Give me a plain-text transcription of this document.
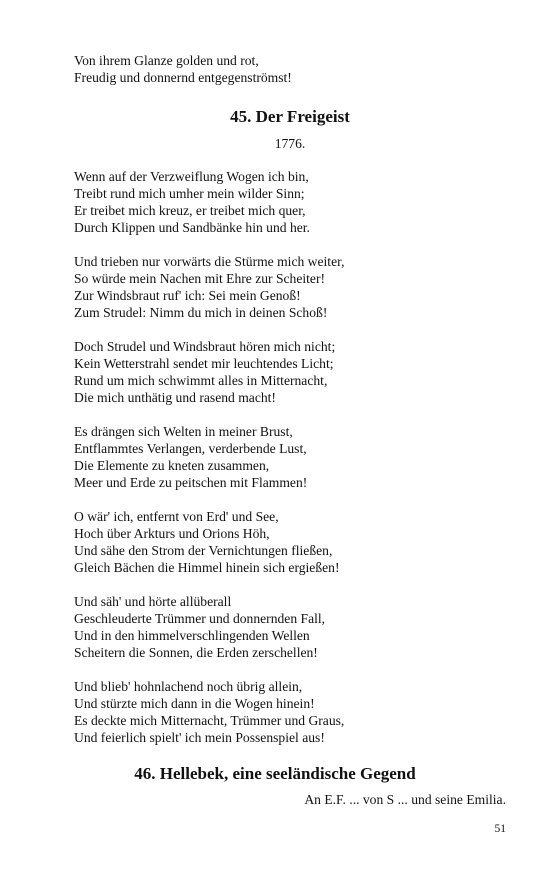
Von ihrem Glanze golden und rot,
Freudig und donnernd entgegenströmst!
45. Der Freigeist
1776.
Wenn auf der Verzweiflung Wogen ich bin,
Treibt rund mich umher mein wilder Sinn;
Er treibet mich kreuz, er treibet mich quer,
Durch Klippen und Sandbänke hin und her.
Und trieben nur vorwärts die Stürme mich weiter,
So würde mein Nachen mit Ehre zur Scheiter!
Zur Windsbraut ruf' ich: Sei mein Genoß!
Zum Strudel: Nimm du mich in deinen Schoß!
Doch Strudel und Windsbraut hören mich nicht;
Kein Wetterstrahl sendet mir leuchtendes Licht;
Rund um mich schwimmt alles in Mitternacht,
Die mich unthätig und rasend macht!
Es drängen sich Welten in meiner Brust,
Entflammtes Verlangen, verderbende Lust,
Die Elemente zu kneten zusammen,
Meer und Erde zu peitschen mit Flammen!
O wär' ich, entfernt von Erd' und See,
Hoch über Arkturs und Orions Höh,
Und sähe den Strom der Vernichtungen fließen,
Gleich Bächen die Himmel hinein sich ergießen!
Und säh' und hörte allüberall
Geschleuderte Trümmer und donnernden Fall,
Und in den himmelverschlingenden Wellen
Scheitern die Sonnen, die Erden zerschellen!
Und blieb' hohnlachend noch übrig allein,
Und stürzte mich dann in die Wogen hinein!
Es deckte mich Mitternacht, Trümmer und Graus,
Und feierlich spielt' ich mein Possenspiel aus!
46. Hellebek, eine seeländische Gegend
An E.F. ... von S ... und seine Emilia.
51
